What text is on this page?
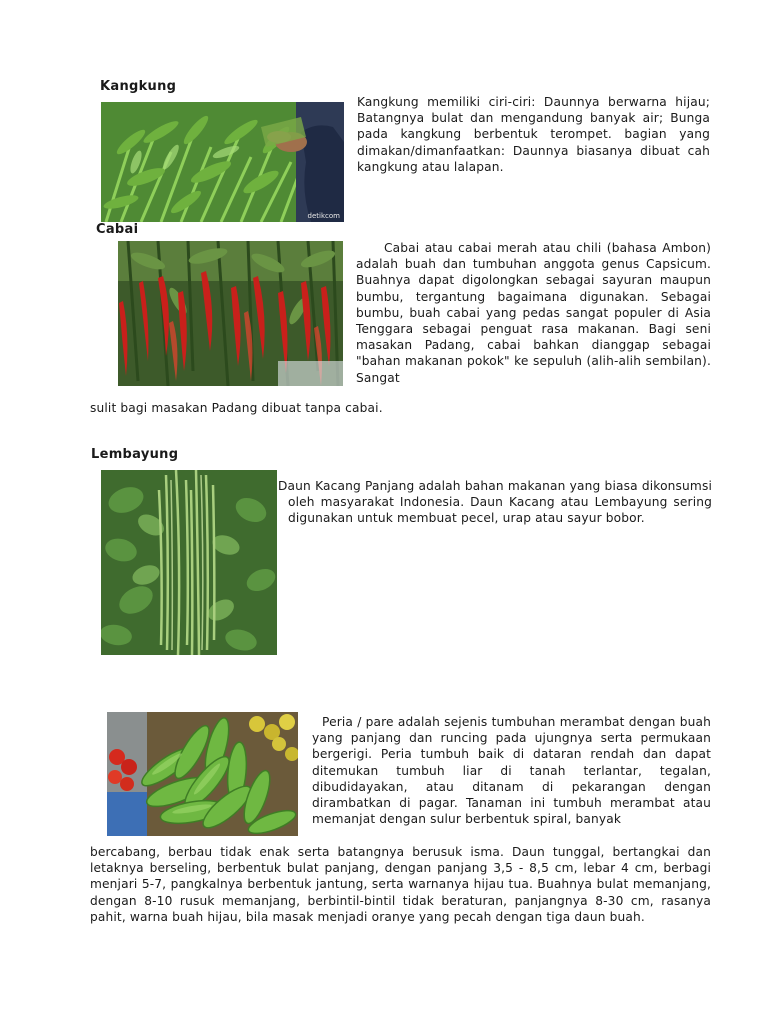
Kangkung
detikcom
Kangkung memiliki ciri-ciri: Daunnya berwarna hijau; Batangnya bulat dan mengandung banyak air; Bunga pada kangkung berbentuk terompet. bagian yang dimakan/dimanfaatkan: Daunnya biasanya dibuat cah kangkung atau lalapan.
Cabai
Cabai atau cabai merah atau chili (bahasa Ambon) adalah buah dan tumbuhan anggota genus Capsicum. Buahnya dapat digolongkan sebagai sayuran maupun bumbu, tergantung bagaimana digunakan. Sebagai bumbu, buah cabai yang pedas sangat populer di Asia Tenggara sebagai penguat rasa makanan. Bagi seni masakan Padang, cabai bahkan dianggap sebagai "bahan makanan pokok" ke sepuluh (alih-alih sembilan). Sangat
sulit bagi masakan Padang dibuat tanpa cabai.
Lembayung
Daun Kacang Panjang adalah bahan makanan yang biasa dikonsumsi oleh masyarakat Indonesia. Daun Kacang atau Lembayung sering digunakan untuk membuat pecel, urap atau sayur bobor.
Peria / pare adalah sejenis tumbuhan merambat dengan buah yang panjang dan runcing pada ujungnya serta permukaan bergerigi. Peria tumbuh baik di dataran rendah dan dapat ditemukan tumbuh liar di tanah terlantar, tegalan, dibudidayakan, atau ditanam di pekarangan dengan dirambatkan di pagar. Tanaman ini tumbuh merambat atau memanjat dengan sulur berbentuk spiral, banyak
bercabang, berbau tidak enak serta batangnya berusuk isma. Daun tunggal, bertangkai dan letaknya berseling, berbentuk bulat panjang, dengan panjang 3,5 - 8,5 cm, lebar 4 cm, berbagi menjari 5-7, pangkalnya berbentuk jantung, serta warnanya hijau tua. Buahnya bulat memanjang, dengan 8-10 rusuk memanjang, berbintil-bintil tidak beraturan, panjangnya 8-30 cm, rasanya pahit, warna buah hijau, bila masak menjadi oranye yang pecah dengan tiga daun buah.
